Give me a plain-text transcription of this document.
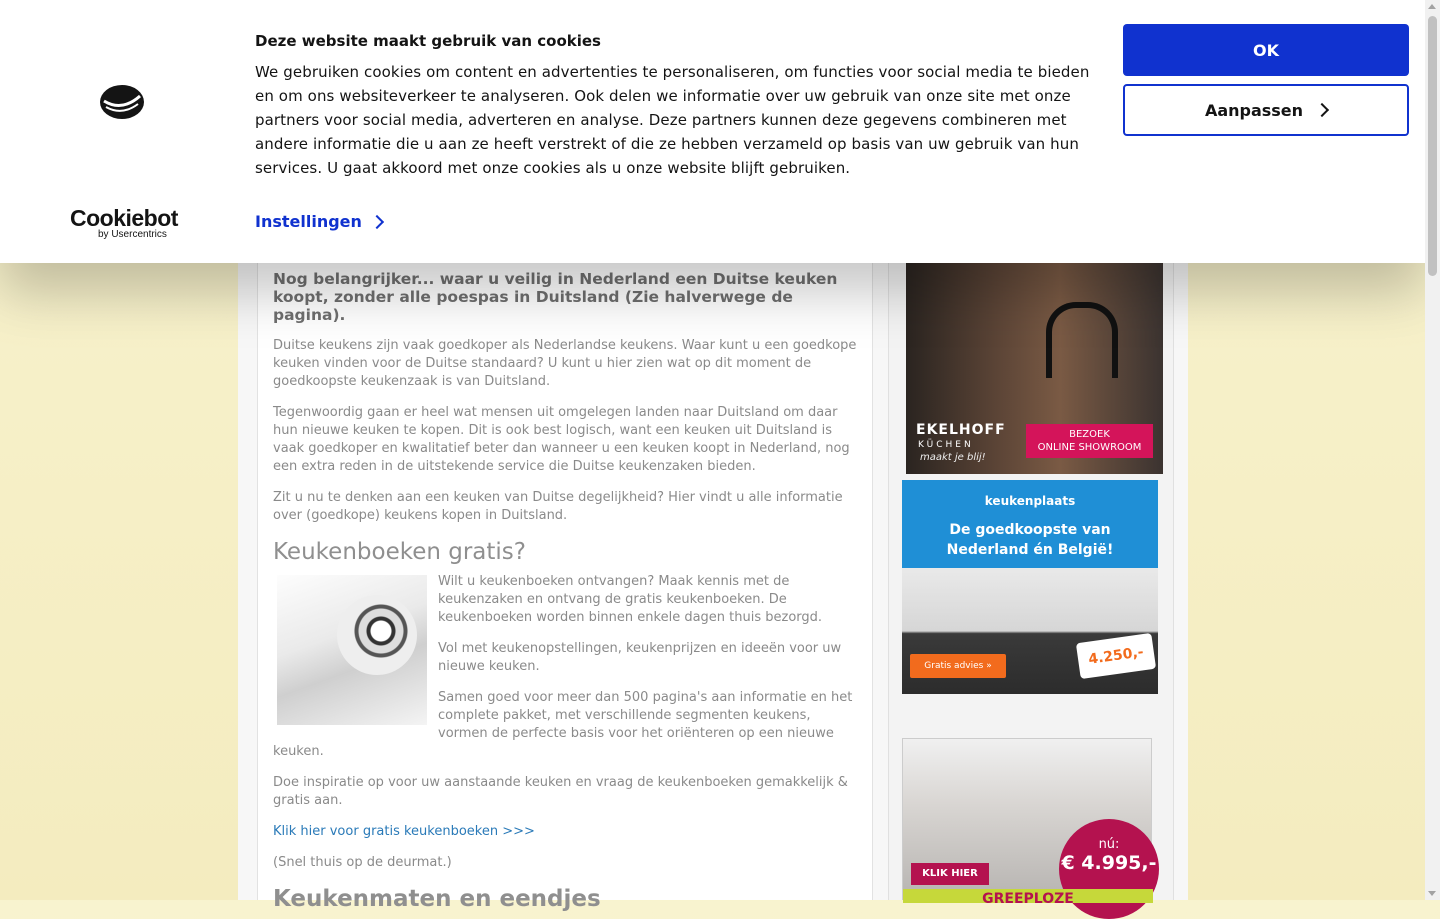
Nog belangrijker... waar u veilig in Nederland een Duitse keuken koopt, zonder alle poespas in Duitsland (Zie halverwege de pagina).

Duitse keukens zijn vaak goedkoper als Nederlandse keukens. Waar kunt u een goedkope keuken vinden voor de Duitse standaard? U kunt u hier zien wat op dit moment de goedkoopste keukenzaak is van Duitsland.

Tegenwoordig gaan er heel wat mensen uit omgelegen landen naar Duitsland om daar hun nieuwe keuken te kopen. Dit is ook best logisch, want een keuken uit Duitsland is vaak goedkoper en kwalitatief beter dan wanneer u een keuken koopt in Nederland, nog een extra reden in de uitstekende service die Duitse keukenzaken bieden.

Zit u nu te denken aan een keuken van Duitse degelijkheid? Hier vindt u alle informatie over (goedkope) keukens kopen in Duitsland.

Keukenboeken gratis?

Wilt u keukenboeken ontvangen? Maak kennis met de keukenzaken en ontvang de gratis keukenboeken. De keukenboeken worden binnen enkele dagen thuis bezorgd.

Vol met keukenopstellingen, keukenprijzen en ideeën voor uw nieuwe keuken.

Samen goed voor meer dan 500 pagina's aan informatie en het complete pakket, met verschillende segmenten keukens, vormen de perfecte basis voor het oriënteren op een nieuwe keuken.

Doe inspiratie op voor uw aanstaande keuken en vraag de keukenboeken gemakkelijk & gratis aan.

Klik hier voor gratis keukenboeken >>>

(Snel thuis op de deurmat.)

Keukenmaten en eendjes
EKELHOFF
KÜCHEN
maakt je blij!
BEZOEK
ONLINE SHOWROOM
keukenplaats
De goedkoopste van
Nederland én België!
Gratis advies »	4.250,-
KLIK HIER
nú:
€ 4.995,-
GREEPLOZE
Cookiebot
by Usercentrics
Deze website maakt gebruik van cookies

We gebruiken cookies om content en advertenties te personaliseren, om functies voor social media te bieden en om ons websiteverkeer te analyseren. Ook delen we informatie over uw gebruik van onze site met onze partners voor social media, adverteren en analyse. Deze partners kunnen deze gegevens combineren met andere informatie die u aan ze heeft verstrekt of die ze hebben verzameld op basis van uw gebruik van hun services. U gaat akkoord met onze cookies als u onze website blijft gebruiken.

Instellingen
OK
Aanpassen
